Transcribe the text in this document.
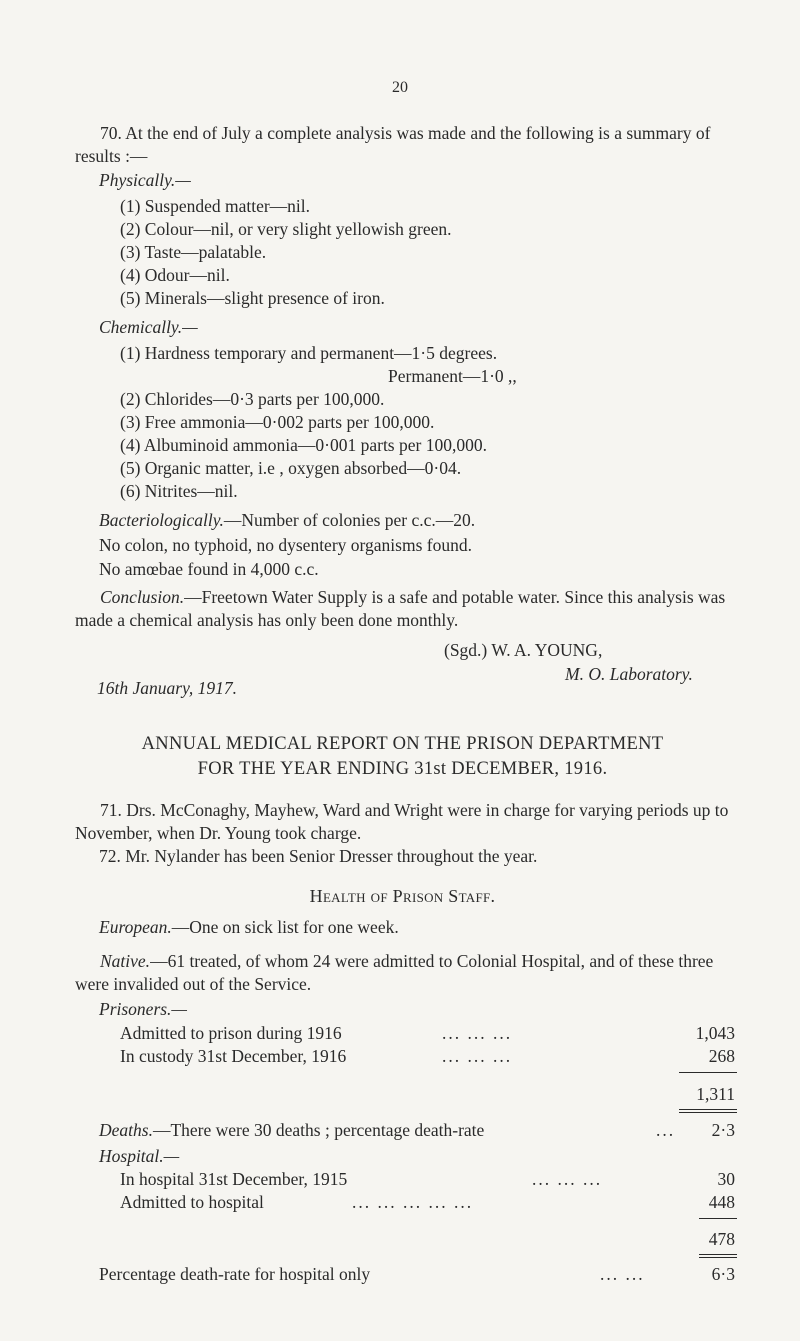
20
70. At the end of July a complete analysis was made and the following is a summary of results :—
Physically.—
(1) Suspended matter—nil.
(2) Colour—nil, or very slight yellowish green.
(3) Taste—palatable.
(4) Odour—nil.
(5) Minerals—slight presence of iron.
Chemically.—
(1) Hardness temporary and permanent—1·5 degrees.
Permanent—1·0 ,,
(2) Chlorides—0·3 parts per 100,000.
(3) Free ammonia—0·002 parts per 100,000.
(4) Albuminoid ammonia—0·001 parts per 100,000.
(5) Organic matter, i.e , oxygen absorbed—0·04.
(6) Nitrites—nil.
Bacteriologically.—Number of colonies per c.c.—20.
No colon, no typhoid, no dysentery organisms found.
No amœbae found in 4,000 c.c.
Conclusion.—Freetown Water Supply is a safe and potable water. Since this analysis was made a chemical analysis has only been done monthly.
(Sgd.) W. A. YOUNG,
M. O. Laboratory.
16th January, 1917.
ANNUAL MEDICAL REPORT ON THE PRISON DEPARTMENT
FOR THE YEAR ENDING 31st DECEMBER, 1916.
71. Drs. McConaghy, Mayhew, Ward and Wright were in charge for varying periods up to November, when Dr. Young took charge.
72. Mr. Nylander has been Senior Dresser throughout the year.
Health of Prison Staff.
European.—One on sick list for one week.
Native.—61 treated, of whom 24 were admitted to Colonial Hospital, and of these three were invalided out of the Service.
Prisoners.—
Admitted to prison during 1916	... ... ...	1,043
In custody 31st December, 1916	... ... ...	268
1,311
Deaths.—There were 30 deaths ; percentage death-rate	...	2·3
Hospital.—
In hospital 31st December, 1915	... ... ...	30
Admitted to hospital	... ... ... ... ...	448
478
Percentage death-rate for hospital only	... ...	6·3
